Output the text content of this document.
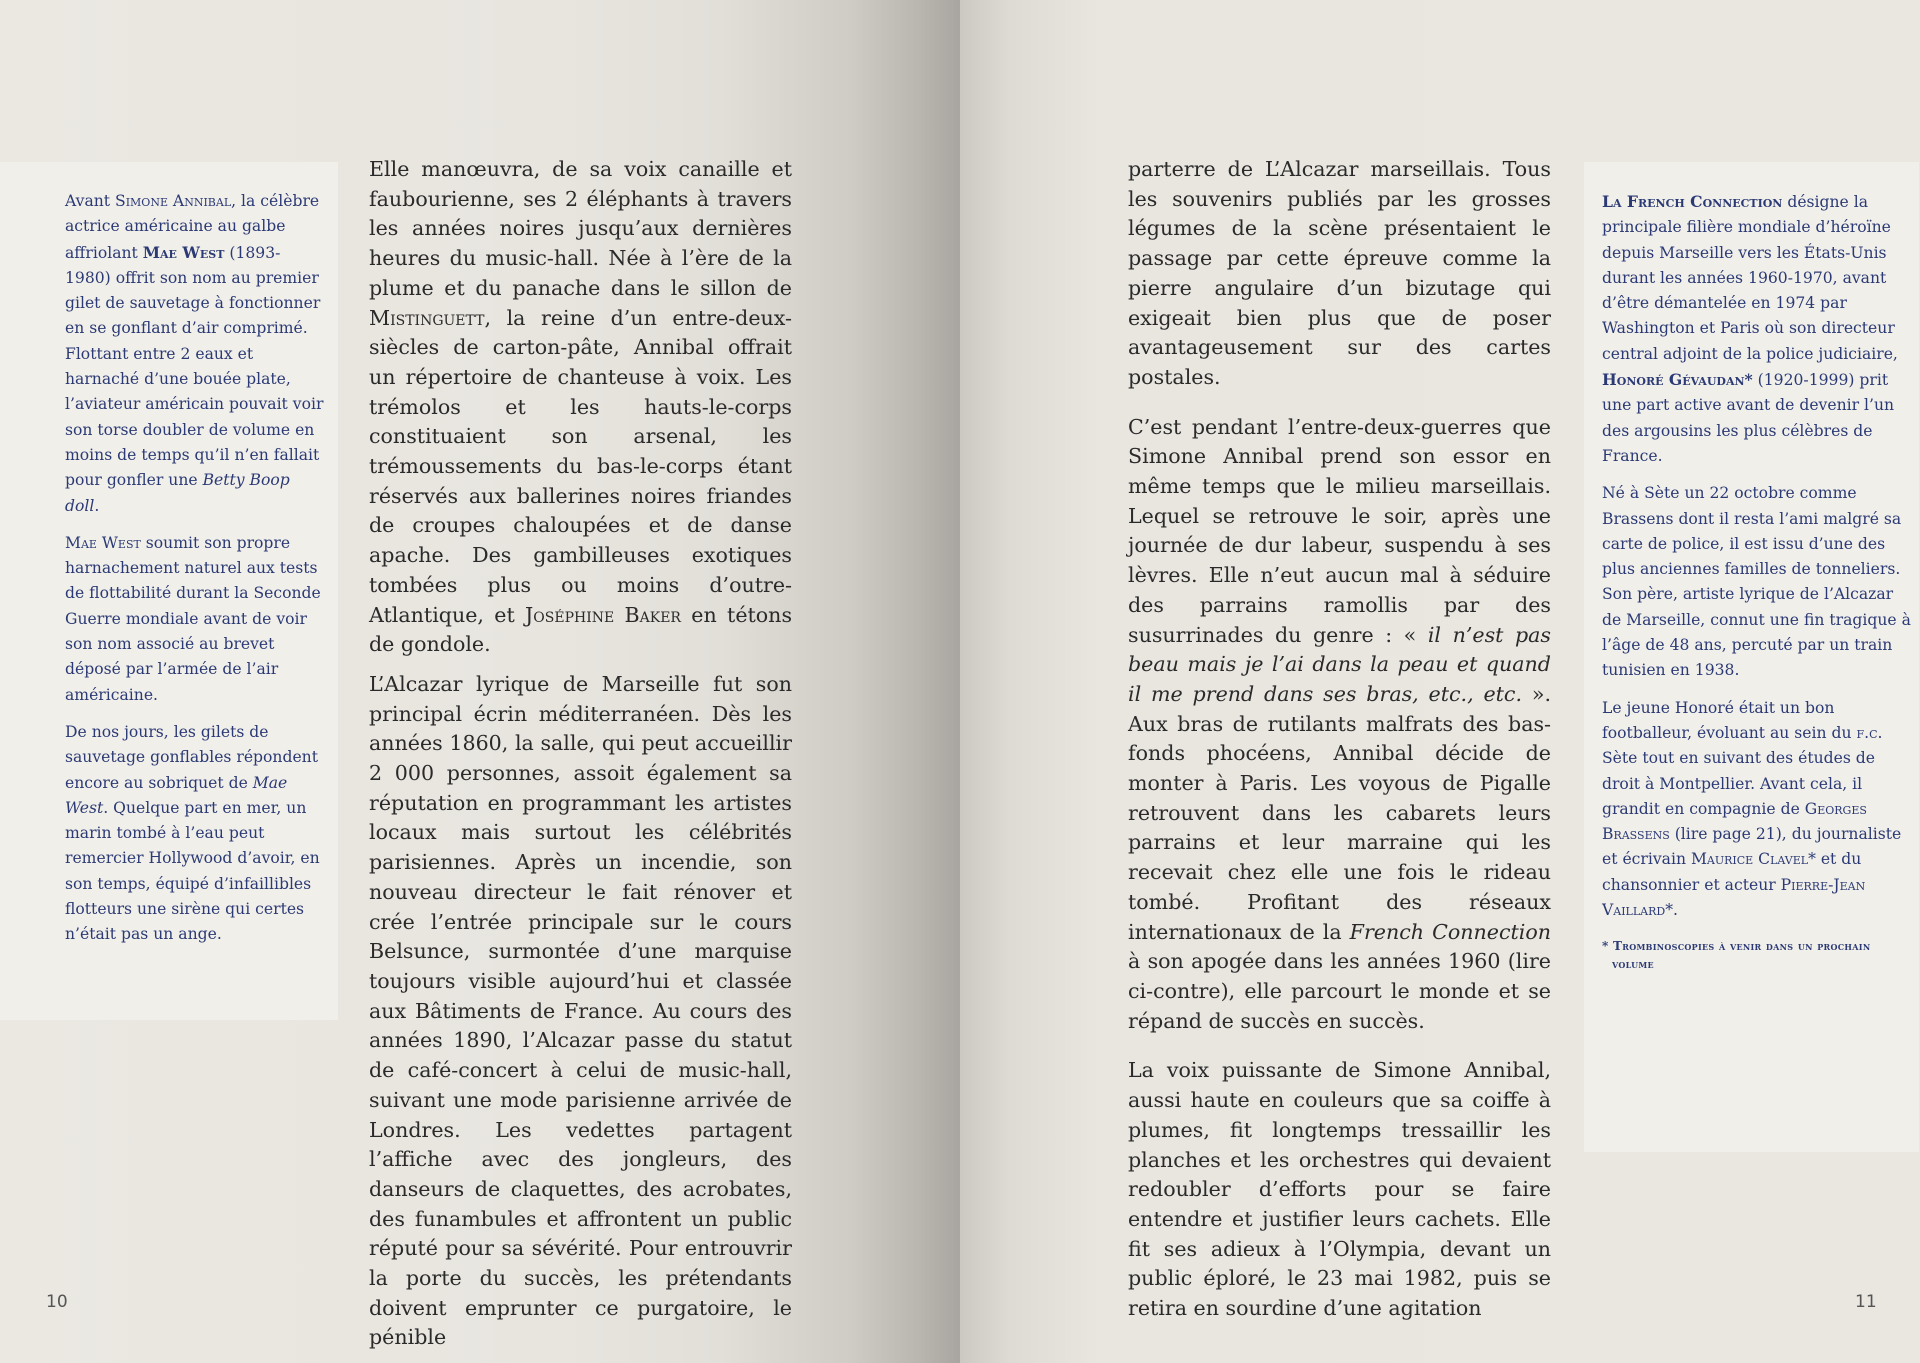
Avant Simone Annibal, la célèbre actrice américaine au galbe affriolant Mae West (1893-1980) offrit son nom au premier gilet de sauvetage à fonctionner en se gonflant d’air comprimé. Flottant entre 2 eaux et harnaché d’une bouée plate, l’aviateur américain pouvait voir son torse doubler de volume en moins de temps qu’il n’en fallait pour gonfler une Betty Boop doll.

Mae West soumit son propre harnachement naturel aux tests de flottabilité durant la Seconde Guerre mondiale avant de voir son nom associé au brevet déposé par l’armée de l’air américaine.

De nos jours, les gilets de sauvetage gonflables répondent encore au sobriquet de Mae West. Quelque part en mer, un marin tombé à l’eau peut remercier Hollywood d’avoir, en son temps, équipé d’infaillibles flotteurs une sirène qui certes n’était pas un ange.

Elle manœuvra, de sa voix canaille et faubourienne, ses 2 éléphants à travers les années noires jusqu’aux dernières heures du music-hall. Née à l’ère de la plume et du panache dans le sillon de Mistinguett, la reine d’un entre-deux-siècles de carton-pâte, Annibal offrait un répertoire de chanteuse à voix. Les trémolos et les hauts-le-corps constituaient son arsenal, les trémoussements du bas-le-corps étant réservés aux ballerines noires friandes de croupes chaloupées et de danse apache. Des gambilleuses exotiques tombées plus ou moins d’outre-Atlantique, et Joséphine Baker en tétons de gondole.

L’Alcazar lyrique de Marseille fut son principal écrin méditerranéen. Dès les années 1860, la salle, qui peut accueillir 2 000 personnes, assoit également sa réputation en programmant les artistes locaux mais surtout les célébrités parisiennes. Après un incendie, son nouveau directeur le fait rénover et crée l’entrée principale sur le cours Belsunce, surmontée d’une marquise toujours visible aujourd’hui et classée aux Bâtiments de France. Au cours des années 1890, l’Alcazar passe du statut de café-concert à celui de music-hall, suivant une mode parisienne arrivée de Londres. Les vedettes partagent l’affiche avec des jongleurs, des danseurs de claquettes, des acrobates, des funambules et affrontent un public réputé pour sa sévérité. Pour entrouvrir la porte du succès, les prétendants doivent emprunter ce purgatoire, le pénible

parterre de L’Alcazar marseillais. Tous les souvenirs publiés par les grosses légumes de la scène présentaient le passage par cette épreuve comme la pierre angulaire d’un bizutage qui exigeait bien plus que de poser avantageusement sur des cartes postales.

C’est pendant l’entre-deux-guerres que Simone Annibal prend son essor en même temps que le milieu marseillais. Lequel se retrouve le soir, après une journée de dur labeur, suspendu à ses lèvres. Elle n’eut aucun mal à séduire des parrains ramollis par des susurrinades du genre : « il n’est pas beau mais je l’ai dans la peau et quand il me prend dans ses bras, etc., etc. ». Aux bras de rutilants malfrats des bas-fonds phocéens, Annibal décide de monter à Paris. Les voyous de Pigalle retrouvent dans les cabarets leurs parrains et leur marraine qui les recevait chez elle une fois le rideau tombé. Profitant des réseaux internationaux de la French Connection à son apogée dans les années 1960 (lire ci-contre), elle parcourt le monde et se répand de succès en succès.

La voix puissante de Simone Annibal, aussi haute en couleurs que sa coiffe à plumes, fit longtemps tressaillir les planches et les orchestres qui devaient redoubler d’efforts pour se faire entendre et justifier leurs cachets. Elle fit ses adieux à l’Olympia, devant un public éploré, le 23 mai 1982, puis se retira en sourdine d’une agitation

La French Connection désigne la principale filière mondiale d’héroïne depuis Marseille vers les États-Unis durant les années 1960-1970, avant d’être démantelée en 1974 par Washington et Paris où son directeur central adjoint de la police judiciaire, Honoré Gévaudan* (1920-1999) prit une part active avant de devenir l’un des argousins les plus célèbres de France.

Né à Sète un 22 octobre comme Brassens dont il resta l’ami malgré sa carte de police, il est issu d’une des plus anciennes familles de tonneliers. Son père, artiste lyrique de l’Alcazar de Marseille, connut une fin tragique à l’âge de 48 ans, percuté par un train tunisien en 1938.

Le jeune Honoré était un bon footballeur, évoluant au sein du f.c. Sète tout en suivant des études de droit à Montpellier. Avant cela, il grandit en compagnie de Georges Brassens (lire page 21), du journaliste et écrivain Maurice Clavel* et du chansonnier et acteur Pierre-Jean Vaillard*.

* Trombinoscopies à venir dans un prochain volume
10	11
